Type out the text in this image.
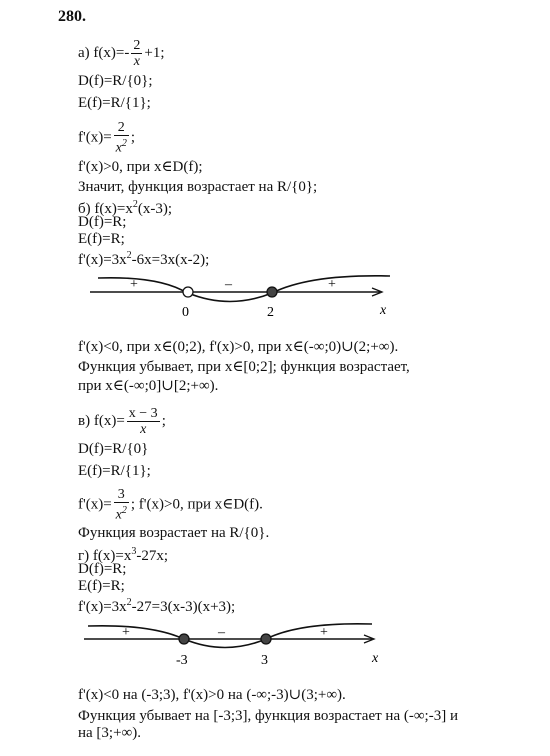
280.
а) $f(x)=- \frac{2}{x} +1$;
D(f)=R/{0};
E(f)=R/{1};
$f'(x)= \frac{2}{x^2}$ ;
f'(x)>0, при x∈D(f);
Значит, функция возрастает на R/{0};
б) $f(x)=x^2(x-3)$;
D(f)=R;
E(f)=R;
$f'(x)=3x^2-6x=3x(x-2)$;
+	–	+
0	2	x
f'(x)<0, при x∈(0;2), f'(x)>0, при x∈(-∞;0)∪(2;+∞).
Функция убывает, при x∈[0;2]; функция возрастает,
при x∈(-∞;0]∪[2;+∞).
в) $f(x)= \frac{x - 3}{x}$ ;
D(f)=R/{0}
E(f)=R/{1};
$f'(x)= \frac{3}{x^2}$ ; f'(x)>0, при x∈D(f).
Функция возрастает на R/{0}.
г) $f(x)=x^3-27x$;
D(f)=R;
E(f)=R;
$f'(x)=3x^2-27=3(x-3)(x+3)$;
+	–	+
-3	3	x
f'(x)<0 на (-3;3), f'(x)>0 на (-∞;-3)∪(3;+∞).
Функция убывает на [-3;3], функция возрастает на (-∞;-3] и
на [3;+∞).
